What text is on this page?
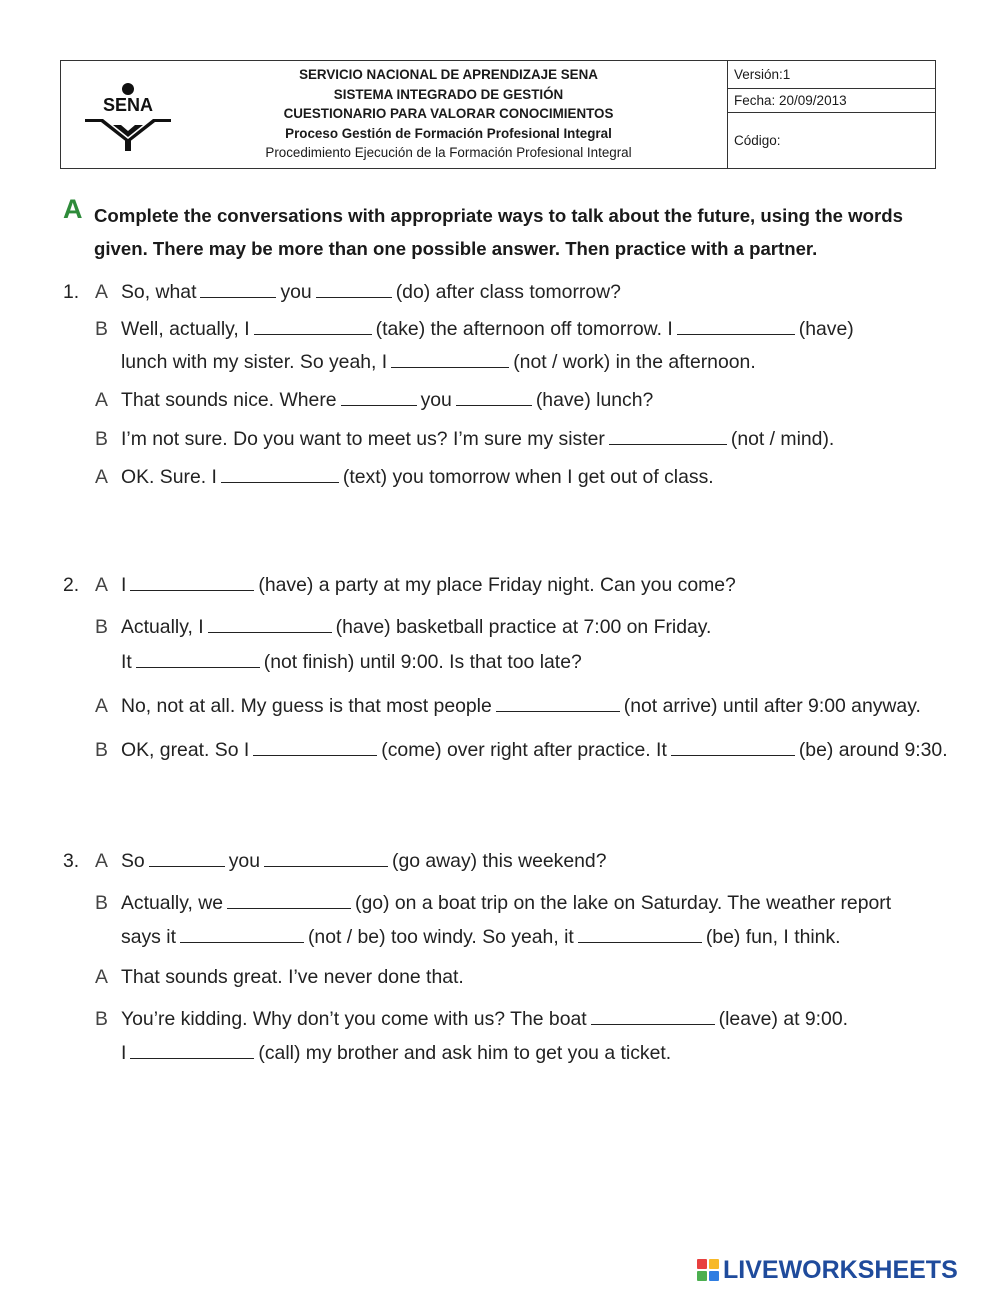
SENA
SERVICIO NACIONAL DE APRENDIZAJE SENA
SISTEMA INTEGRADO DE GESTIÓN
CUESTIONARIO PARA VALORAR CONOCIMIENTOS
Proceso Gestión de Formación Profesional Integral
Procedimiento Ejecución de la Formación Profesional Integral
Versión:1
Fecha: 20/09/2013
Código:
A Complete the conversations with appropriate ways to talk about the future, using the words given. There may be more than one possible answer. Then practice with a partner.
1. A So, what	you	(do) after class tomorrow?
B Well, actually, I	(take) the afternoon off tomorrow. I	(have)
lunch with my sister. So yeah, I	(not / work) in the afternoon.
A That sounds nice. Where	you	(have) lunch?
B I’m not sure. Do you want to meet us? I’m sure my sister	(not / mind).
A OK. Sure. I	(text) you tomorrow when I get out of class.
2. A I	(have) a party at my place Friday night. Can you come?
B Actually, I	(have) basketball practice at 7:00 on Friday.
It	(not finish) until 9:00. Is that too late?
A No, not at all. My guess is that most people	(not arrive) until after 9:00 anyway.
B OK, great. So I	(come) over right after practice. It	(be) around 9:30.
3. A So	you	(go away) this weekend?
B Actually, we	(go) on a boat trip on the lake on Saturday. The weather report
says it	(not / be) too windy. So yeah, it	(be) fun, I think.
A That sounds great. I’ve never done that.
B You’re kidding. Why don’t you come with us? The boat	(leave) at 9:00.
I	(call) my brother and ask him to get you a ticket.
LIVEWORKSHEETS
